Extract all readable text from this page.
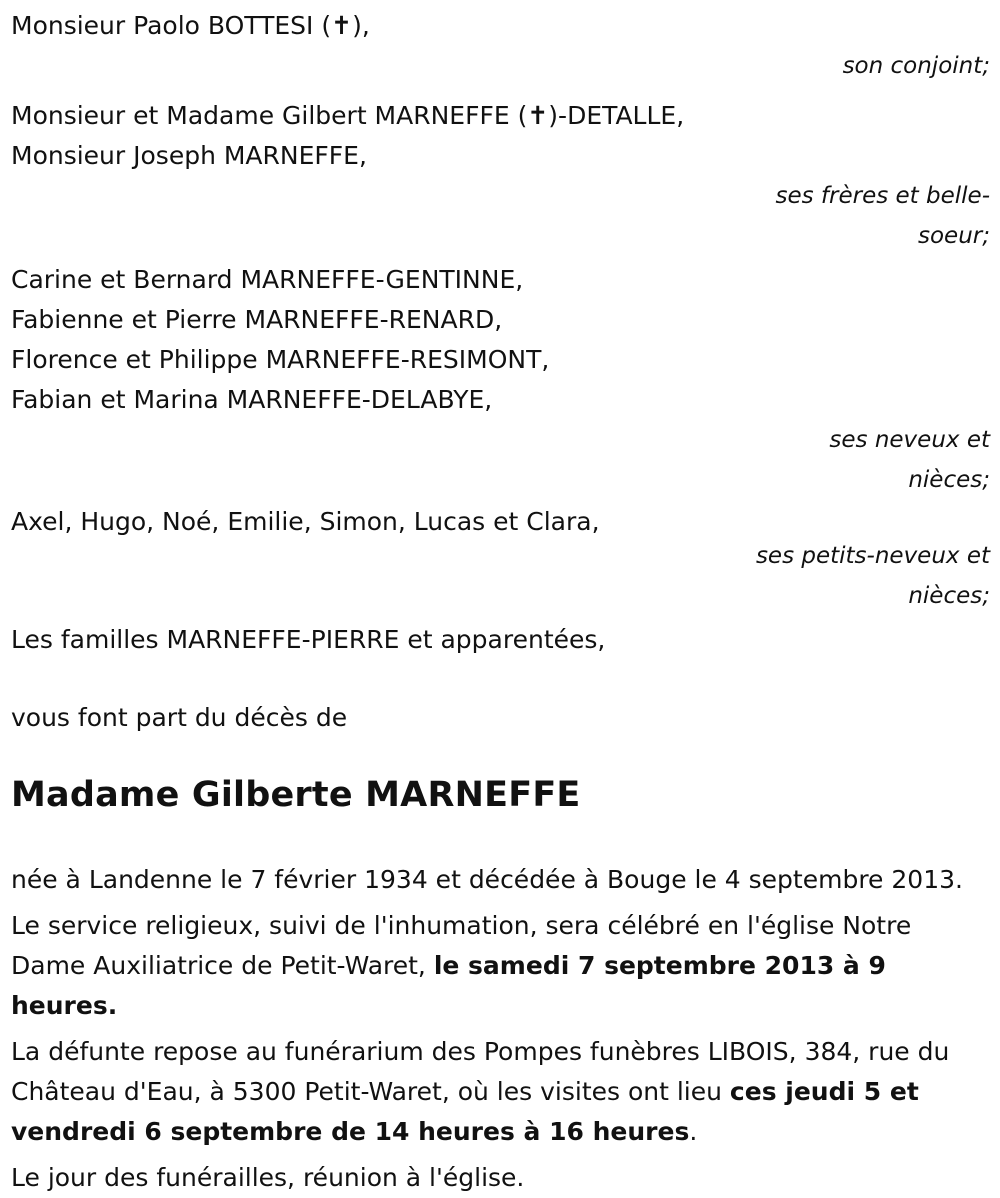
Monsieur Paolo BOTTESI (✝),
son conjoint;
Monsieur et Madame Gilbert MARNEFFE (✝)-DETALLE,
Monsieur Joseph MARNEFFE,
ses frères et belle-
soeur;
Carine et Bernard MARNEFFE-GENTINNE,
Fabienne et Pierre MARNEFFE-RENARD,
Florence et Philippe MARNEFFE-RESIMONT,
Fabian et Marina MARNEFFE-DELABYE,
ses neveux et
nièces;
Axel, Hugo, Noé, Emilie, Simon, Lucas et Clara,
ses petits-neveux et
nièces;
Les familles MARNEFFE-PIERRE et apparentées,
vous font part du décès de
Madame Gilberte MARNEFFE

née à Landenne le 7 février 1934 et décédée à Bouge le 4 septembre 2013.

Le service religieux, suivi de l'inhumation, sera célébré en l'église Notre Dame Auxiliatrice de Petit-Waret, le samedi 7 septembre 2013 à 9 heures.

La défunte repose au funérarium des Pompes funèbres LIBOIS, 384, rue du Château d'Eau, à 5300 Petit-Waret, où les visites ont lieu ces jeudi 5 et vendredi 6 septembre de 14 heures à 16 heures.

Le jour des funérailles, réunion à l'église.
